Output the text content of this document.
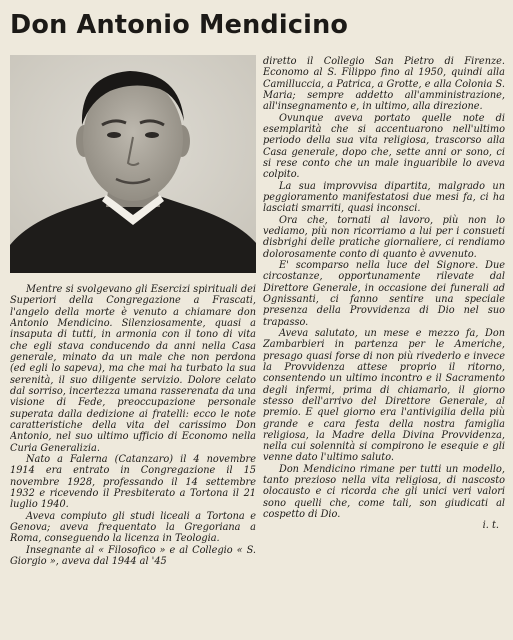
Don Antonio Mendicino

Mentre si svolgevano gli Esercizi spirituali dei Superiori della Congregazione a Frascati, l'angelo della morte è venuto a chiamare don Antonio Mendicino. Silenziosamente, quasi a insaputa di tutti, in armonia con il tono di vita che egli stava conducendo da anni nella Casa generale, minato da un male che non perdona (ed egli lo sapeva), ma che mai ha turbato la sua serenità, il suo diligente servizio. Dolore celato dal sorriso, incertezza umana rasserenata da una visione di Fede, preoccupazione personale superata dalla dedizione ai fratelli: ecco le note caratteristiche della vita del carissimo Don Antonio, nel suo ultimo ufficio di Economo nella Curia Generalizia.

Nato a Falerna (Catanzaro) il 4 novembre 1914 era entrato in Congregazione il 15 novembre 1928, professando il 14 settembre 1932 e ricevendo il Presbiterato a Tortona il 21 luglio 1940.

Aveva compiuto gli studi liceali a Tortona e Genova; aveva frequentato la Gregoriana a Roma, conseguendo la licenza in Teologia.

Insegnante al « Filosofico » e al Collegio « S. Giorgio », aveva dal 1944 al '45

diretto il Collegio San Pietro di Firenze. Economo al S. Filippo fino al 1950, quindi alla Camilluccia, a Patrica, a Grotte, e alla Colonia S. Maria; sempre addetto all'amministrazione, all'insegnamento e, in ultimo, alla direzione.

Ovunque aveva portato quelle note di esemplarità che si accentuarono nell'ultimo periodo della sua vita religiosa, trascorso alla Casa generale, dopo che, sette anni or sono, ci si rese conto che un male inguaribile lo aveva colpito.

La sua improvvisa dipartita, malgrado un peggioramento manifestatosi due mesi fa, ci ha lasciati smarriti, quasi inconsci.

Ora che, tornati al lavoro, più non lo vediamo, più non ricorriamo a lui per i consueti disbrighi delle pratiche giornaliere, ci rendiamo dolorosamente conto di quanto è avvenuto.

E' scomparso nella luce del Signore. Due circostanze, opportunamente rilevate dal Direttore Generale, in occasione dei funerali ad Ognissanti, ci fanno sentire una speciale presenza della Provvidenza di Dio nel suo trapasso.

Aveva salutato, un mese e mezzo fa, Don Zambarbieri in partenza per le Americhe, presago quasi forse di non più rivederlo e invece la Provvidenza attese proprio il ritorno, consentendo un ultimo incontro e il Sacramento degli infermi, prima di chiamarlo, il giorno stesso dell'arrivo del Direttore Generale, al premio. E quel giorno era l'antivigilia della più grande e cara festa della nostra famiglia religiosa, la Madre della Divina Provvidenza, nella cui solennità si compirono le esequie e gli venne dato l'ultimo saluto.

Don Mendicino rimane per tutti un modello, tanto prezioso nella vita religiosa, di nascosto olocausto e ci ricorda che gli unici veri valori sono quelli che, come tali, son giudicati al cospetto di Dio.

i. t.
